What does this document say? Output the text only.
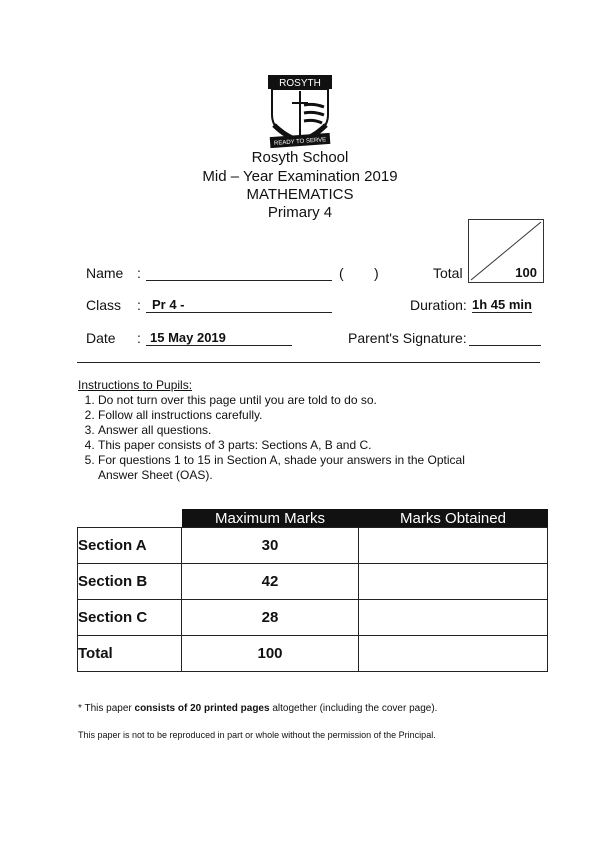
ROSYTH
READY TO SERVE
Rosyth School
Mid – Year Examination 2019
MATHEMATICS
Primary 4
100
Total
Name :	( )
Class : Pr 4 -	Duration: 1h 45 min
Date : 15 May 2019	Parent's Signature:
Instructions to Pupils:
1. Do not turn over this page until you are told to do so.
2. Follow all instructions carefully.
3. Answer all questions.
4. This paper consists of 3 parts: Sections A, B and C.
5. For questions 1 to 15 in Section A, shade your answers in the Optical Answer Sheet (OAS).
	Maximum Marks	Marks Obtained
Section A	30	
Section B	42	
Section C	28	
Total	100	
* This paper consists of 20 printed pages altogether (including the cover page).
This paper is not to be reproduced in part or whole without the permission of the Principal.
